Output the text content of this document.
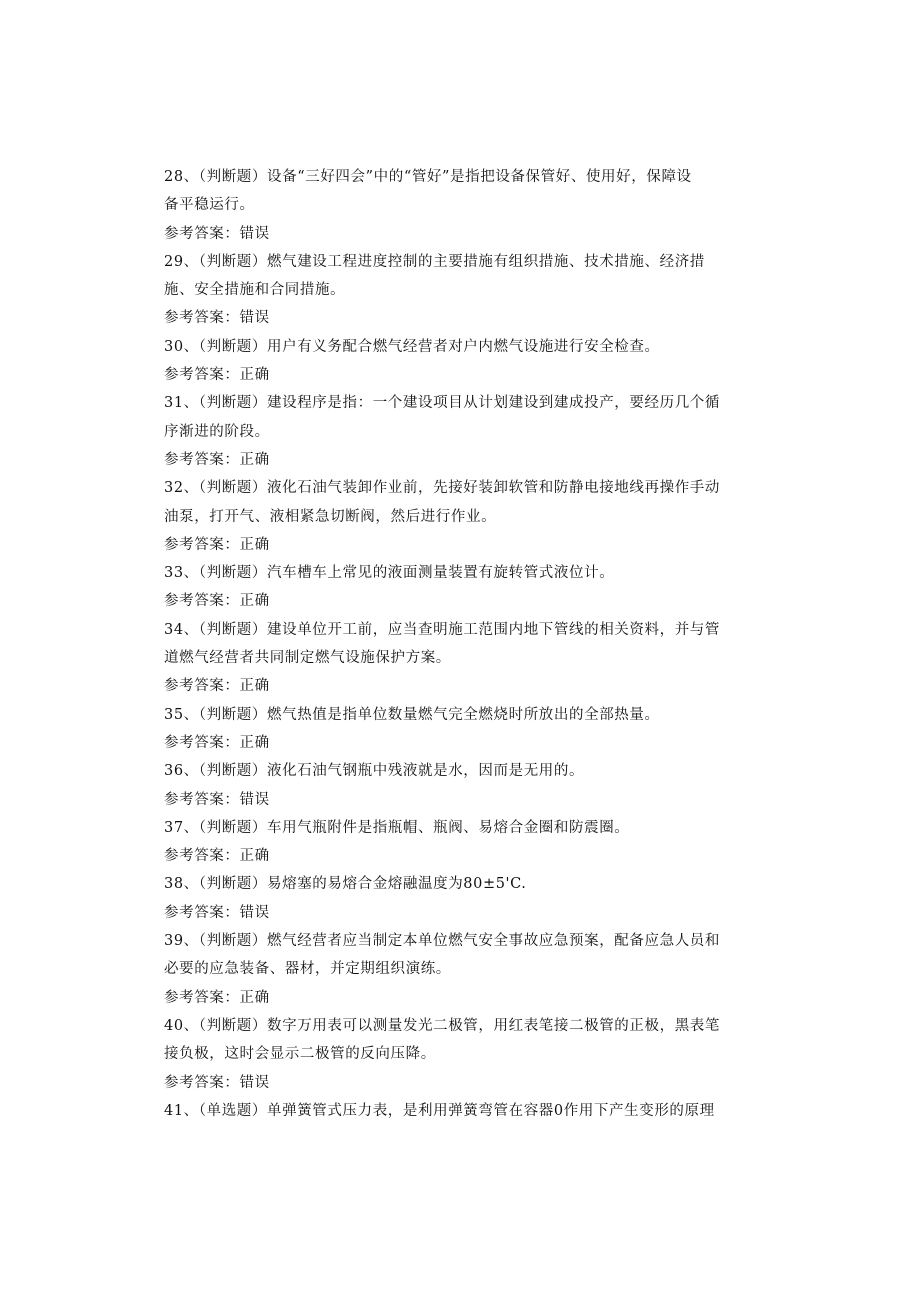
28、（判断题）设备“三好四会”中的“管好”是指把设备保管好、使用好，保障设
备平稳运行。
参考答案：错误
29、（判断题）燃气建设工程进度控制的主要措施有组织措施、技术措施、经济措
施、安全措施和合同措施。
参考答案：错误
30、（判断题）用户有义务配合燃气经营者对户内燃气设施进行安全检查。
参考答案：正确
31、（判断题）建设程序是指：一个建设项目从计划建设到建成投产，要经历几个循
序渐进的阶段。
参考答案：正确
32、（判断题）液化石油气装卸作业前，先接好装卸软管和防静电接地线再操作手动
油泵，打开气、液相紧急切断阀，然后进行作业。
参考答案：正确
33、（判断题）汽车槽车上常见的液面测量装置有旋转管式液位计。
参考答案：正确
34、（判断题）建设单位开工前，应当查明施工范围内地下管线的相关资料，并与管
道燃气经营者共同制定燃气设施保护方案。
参考答案：正确
35、（判断题）燃气热值是指单位数量燃气完全燃烧时所放出的全部热量。
参考答案：正确
36、（判断题）液化石油气钢瓶中残液就是水，因而是无用的。
参考答案：错误
37、（判断题）车用气瓶附件是指瓶帽、瓶阀、易熔合金圈和防震圈。
参考答案：正确
38、（判断题）易熔塞的易熔合金熔融温度为80±5'C.
参考答案：错误
39、（判断题）燃气经营者应当制定本单位燃气安全事故应急预案，配备应急人员和
必要的应急装备、器材，并定期组织演练。
参考答案：正确
40、（判断题）数字万用表可以测量发光二极管，用红表笔接二极管的正极，黑表笔
接负极，这时会显示二极管的反向压降。
参考答案：错误
41、（单选题）单弹簧管式压力表，是利用弹簧弯管在容器0作用下产生变形的原理
